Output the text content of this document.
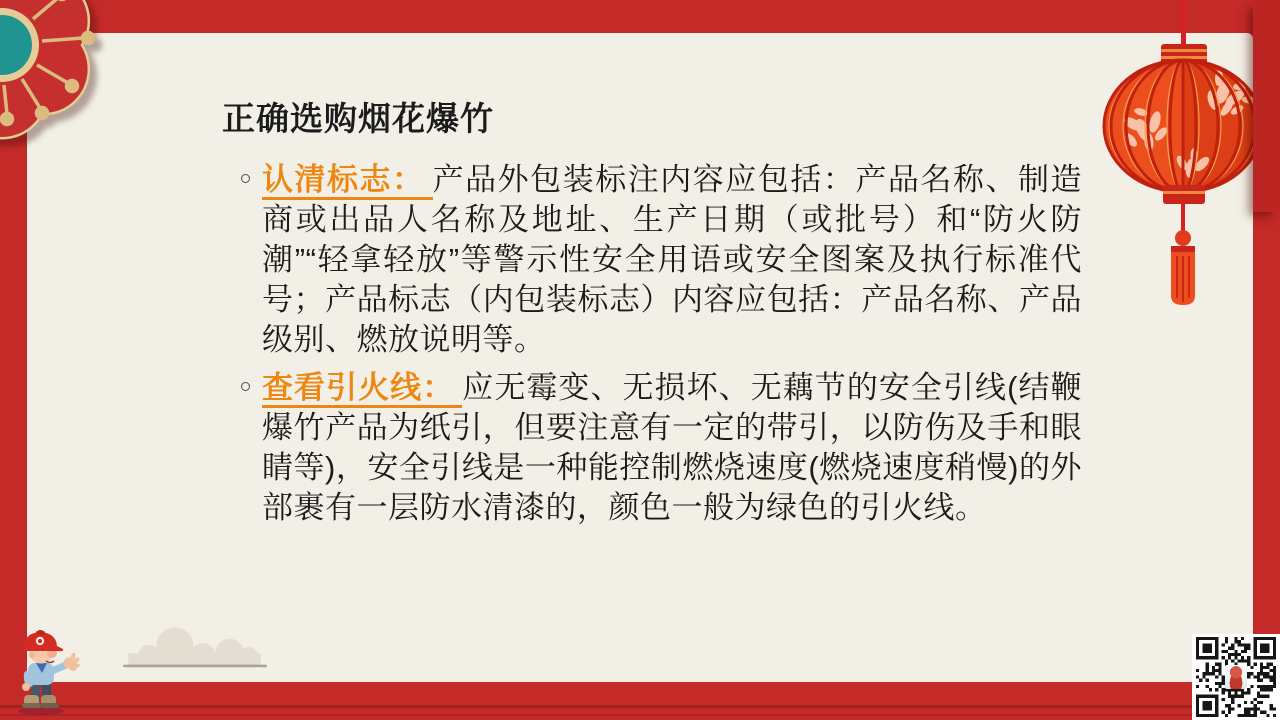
正确选购烟花爆竹
认清标志： 产品外包装标注内容应包括：产品名称、制造商或出品人名称及地址、生产日期（或批号）和“防火防潮”“轻拿轻放”等警示性安全用语或安全图案及执行标准代号；产品标志（内包装标志）内容应包括：产品名称、产品级别、燃放说明等。
查看引火线： 应无霉变、无损坏、无藕节的安全引线(结鞭爆竹产品为纸引，但要注意有一定的带引，以防伤及手和眼睛等)，安全引线是一种能控制燃烧速度(燃烧速度稍慢)的外部裹有一层防水清漆的，颜色一般为绿色的引火线。
